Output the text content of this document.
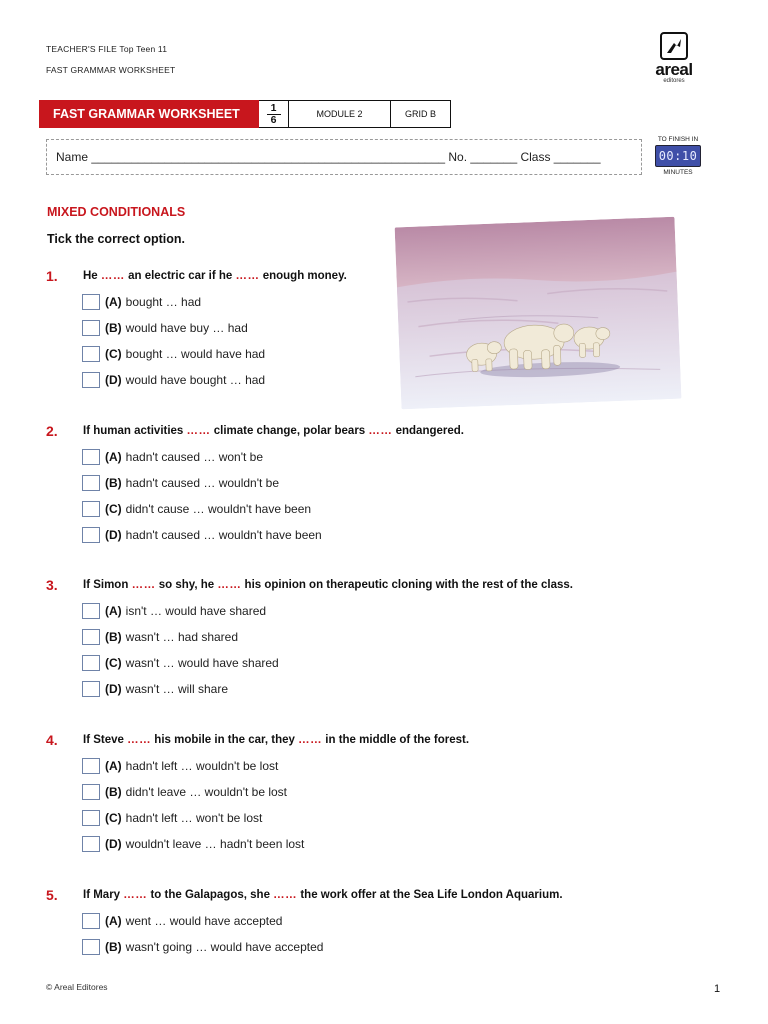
TEACHER'S FILE Top Teen 11
FAST GRAMMAR WORKSHEET	areal
editores
FAST GRAMMAR WORKSHEET	1
6	MODULE 2	GRID B
Name _____________________________________________________ No. _______ Class _______
TO FINISH IN
00:10
MINUTES
MIXED CONDITIONALS
Tick the correct option.
1. He …… an electric car if he …… enough money.
(A) bought … had
(B) would have buy … had
(C) bought … would have had
(D) would have bought … had
2. If human activities …… climate change, polar bears …… endangered.
(A) hadn't caused … won't be
(B) hadn't caused … wouldn't be
(C) didn't cause … wouldn't have been
(D) hadn't caused … wouldn't have been
3. If Simon …… so shy, he …… his opinion on therapeutic cloning with the rest of the class.
(A) isn't … would have shared
(B) wasn't … had shared
(C) wasn't … would have shared
(D) wasn't … will share
4. If Steve …… his mobile in the car, they …… in the middle of the forest.
(A) hadn't left … wouldn't be lost
(B) didn't leave … wouldn't be lost
(C) hadn't left … won't be lost
(D) wouldn't leave … hadn't been lost
5. If Mary …… to the Galapagos, she …… the work offer at the Sea Life London Aquarium.
(A) went … would have accepted
(B) wasn't going … would have accepted
© Areal Editores	1
